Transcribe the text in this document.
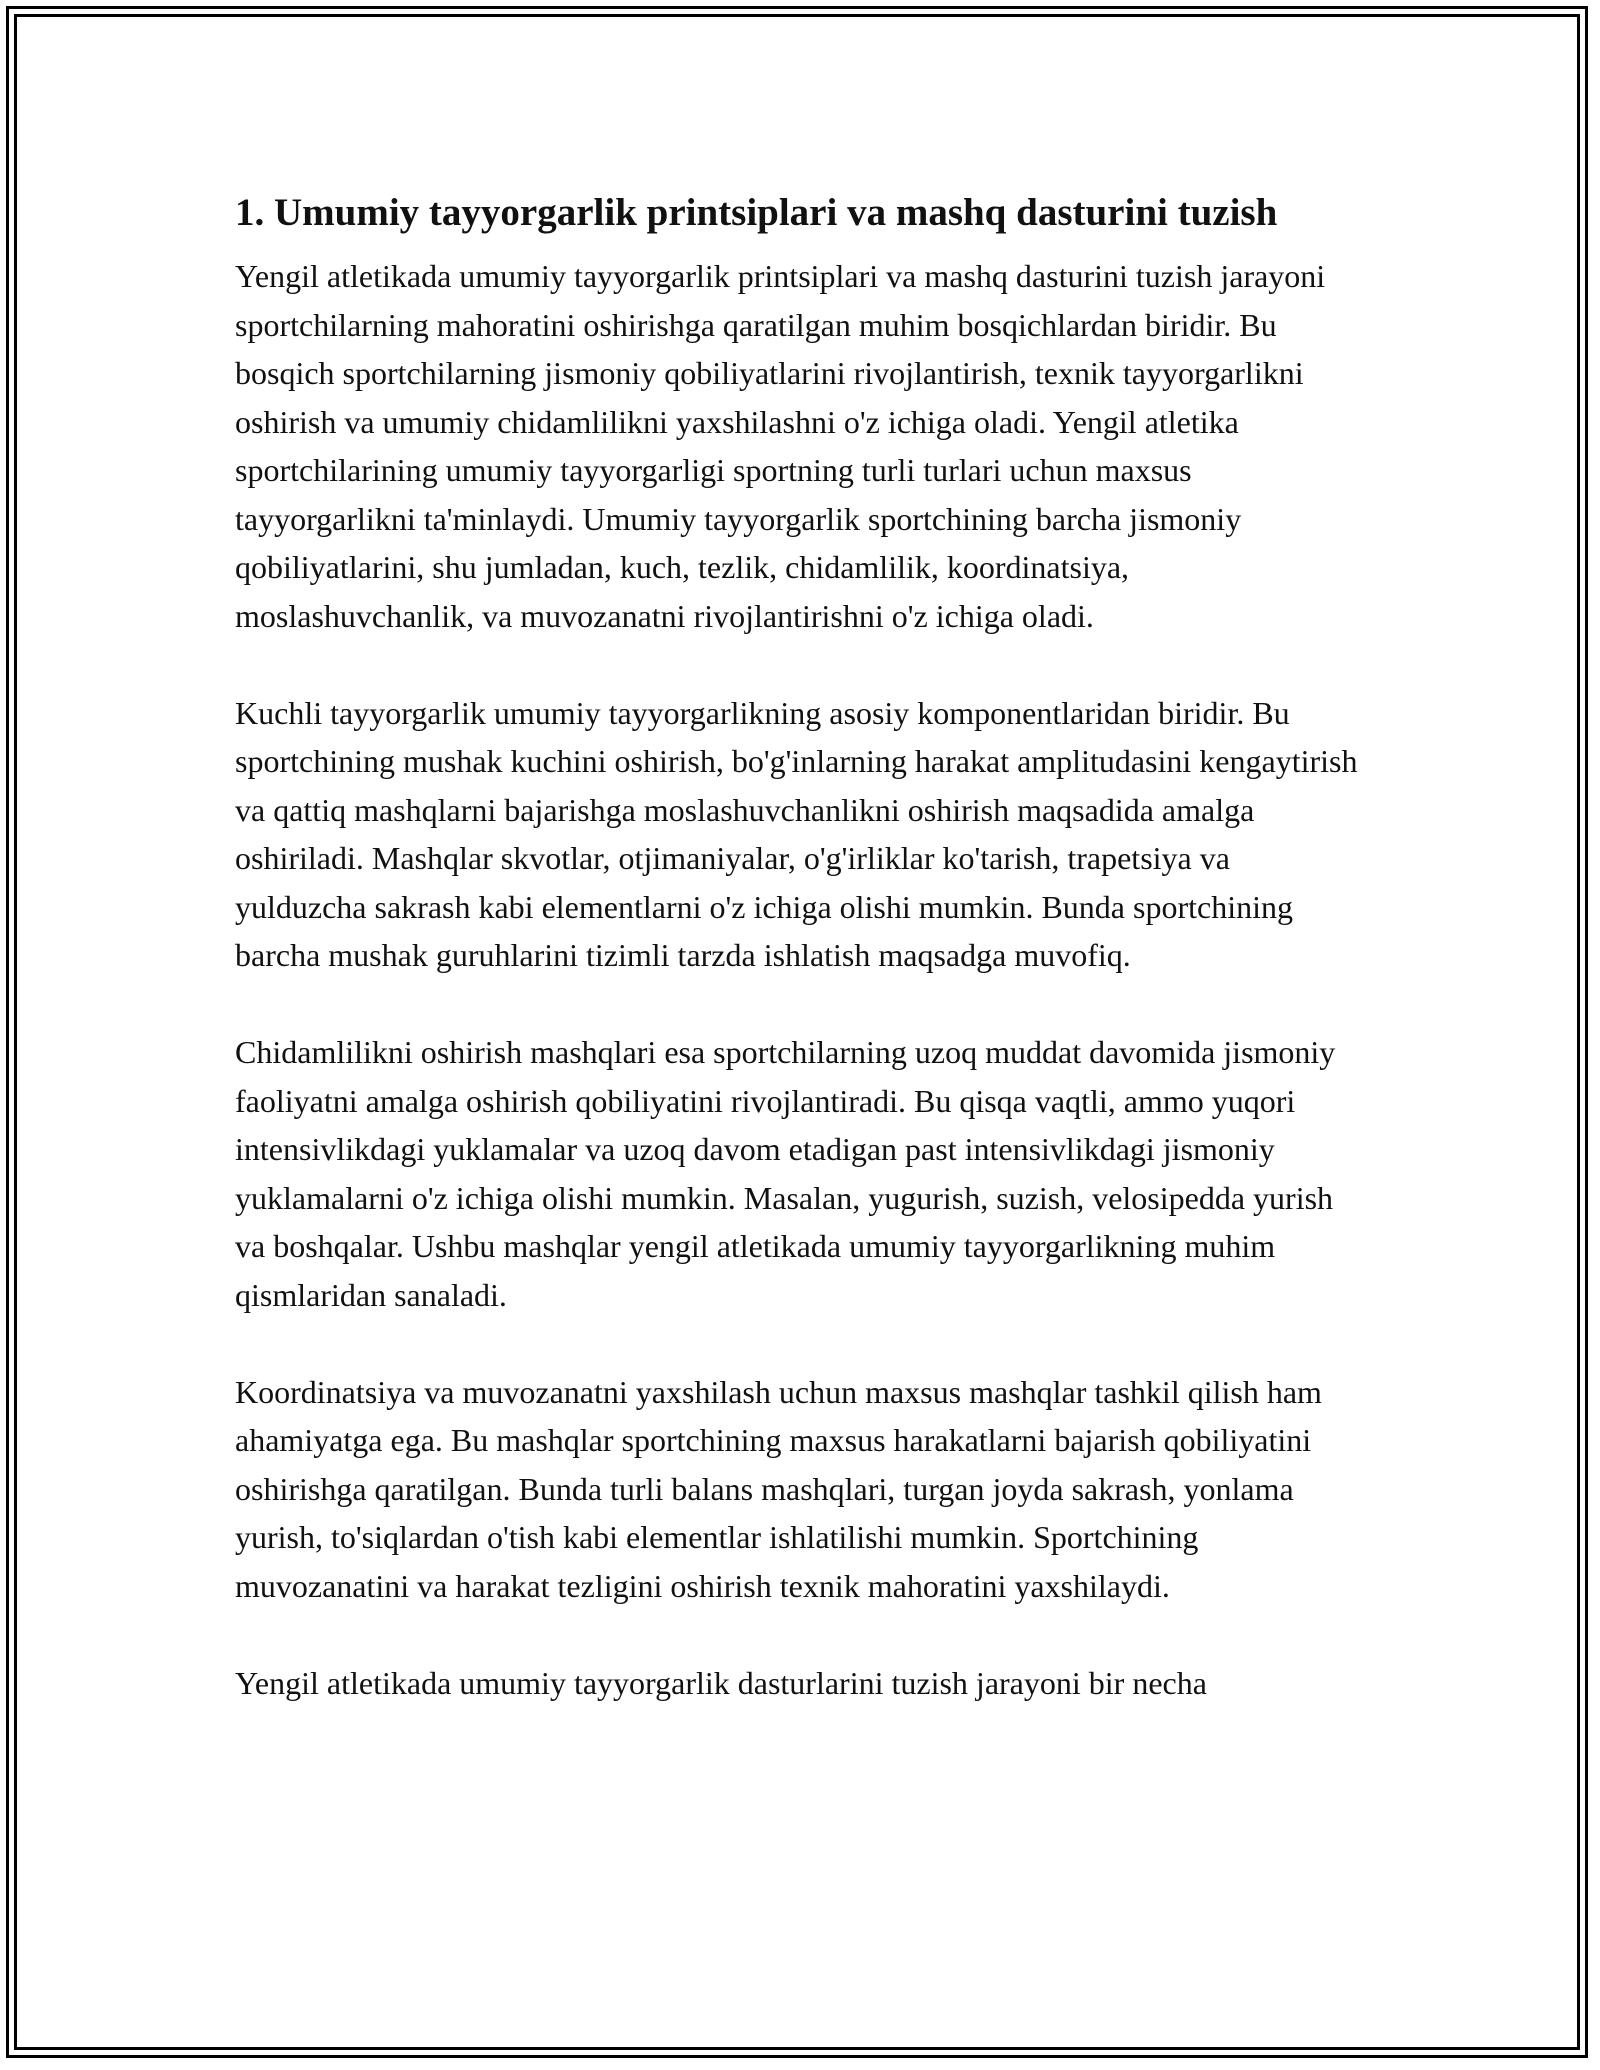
1. Umumiy tayyorgarlik printsiplari va mashq dasturini tuzish

Yengil atletikada umumiy tayyorgarlik printsiplari va mashq dasturini tuzish jarayoni sportchilarning mahoratini oshirishga qaratilgan muhim bosqichlardan biridir. Bu bosqich sportchilarning jismoniy qobiliyatlarini rivojlantirish, texnik tayyorgarlikni oshirish va umumiy chidamlilikni yaxshilashni o'z ichiga oladi. Yengil atletika sportchilarining umumiy tayyorgarligi sportning turli turlari uchun maxsus tayyorgarlikni ta'minlaydi. Umumiy tayyorgarlik sportchining barcha jismoniy qobiliyatlarini, shu jumladan, kuch, tezlik, chidamlilik, koordinatsiya, moslashuvchanlik, va muvozanatni rivojlantirishni o'z ichiga oladi.

Kuchli tayyorgarlik umumiy tayyorgarlikning asosiy komponentlaridan biridir. Bu sportchining mushak kuchini oshirish, bo'g'inlarning harakat amplitudasini kengaytirish va qattiq mashqlarni bajarishga moslashuvchanlikni oshirish maqsadida amalga oshiriladi. Mashqlar skvotlar, otjimaniyalar, o'g'irliklar ko'tarish, trapetsiya va yulduzcha sakrash kabi elementlarni o'z ichiga olishi mumkin. Bunda sportchining barcha mushak guruhlarini tizimli tarzda ishlatish maqsadga muvofiq.

Chidamlilikni oshirish mashqlari esa sportchilarning uzoq muddat davomida jismoniy faoliyatni amalga oshirish qobiliyatini rivojlantiradi. Bu qisqa vaqtli, ammo yuqori intensivlikdagi yuklamalar va uzoq davom etadigan past intensivlikdagi jismoniy yuklamalarni o'z ichiga olishi mumkin. Masalan, yugurish, suzish, velosipedda yurish va boshqalar. Ushbu mashqlar yengil atletikada umumiy tayyorgarlikning muhim qismlaridan sanaladi.

Koordinatsiya va muvozanatni yaxshilash uchun maxsus mashqlar tashkil qilish ham ahamiyatga ega. Bu mashqlar sportchining maxsus harakatlarni bajarish qobiliyatini oshirishga qaratilgan. Bunda turli balans mashqlari, turgan joyda sakrash, yonlama yurish, to'siqlardan o'tish kabi elementlar ishlatilishi mumkin. Sportchining muvozanatini va harakat tezligini oshirish texnik mahoratini yaxshilaydi.

Yengil atletikada umumiy tayyorgarlik dasturlarini tuzish jarayoni bir necha
